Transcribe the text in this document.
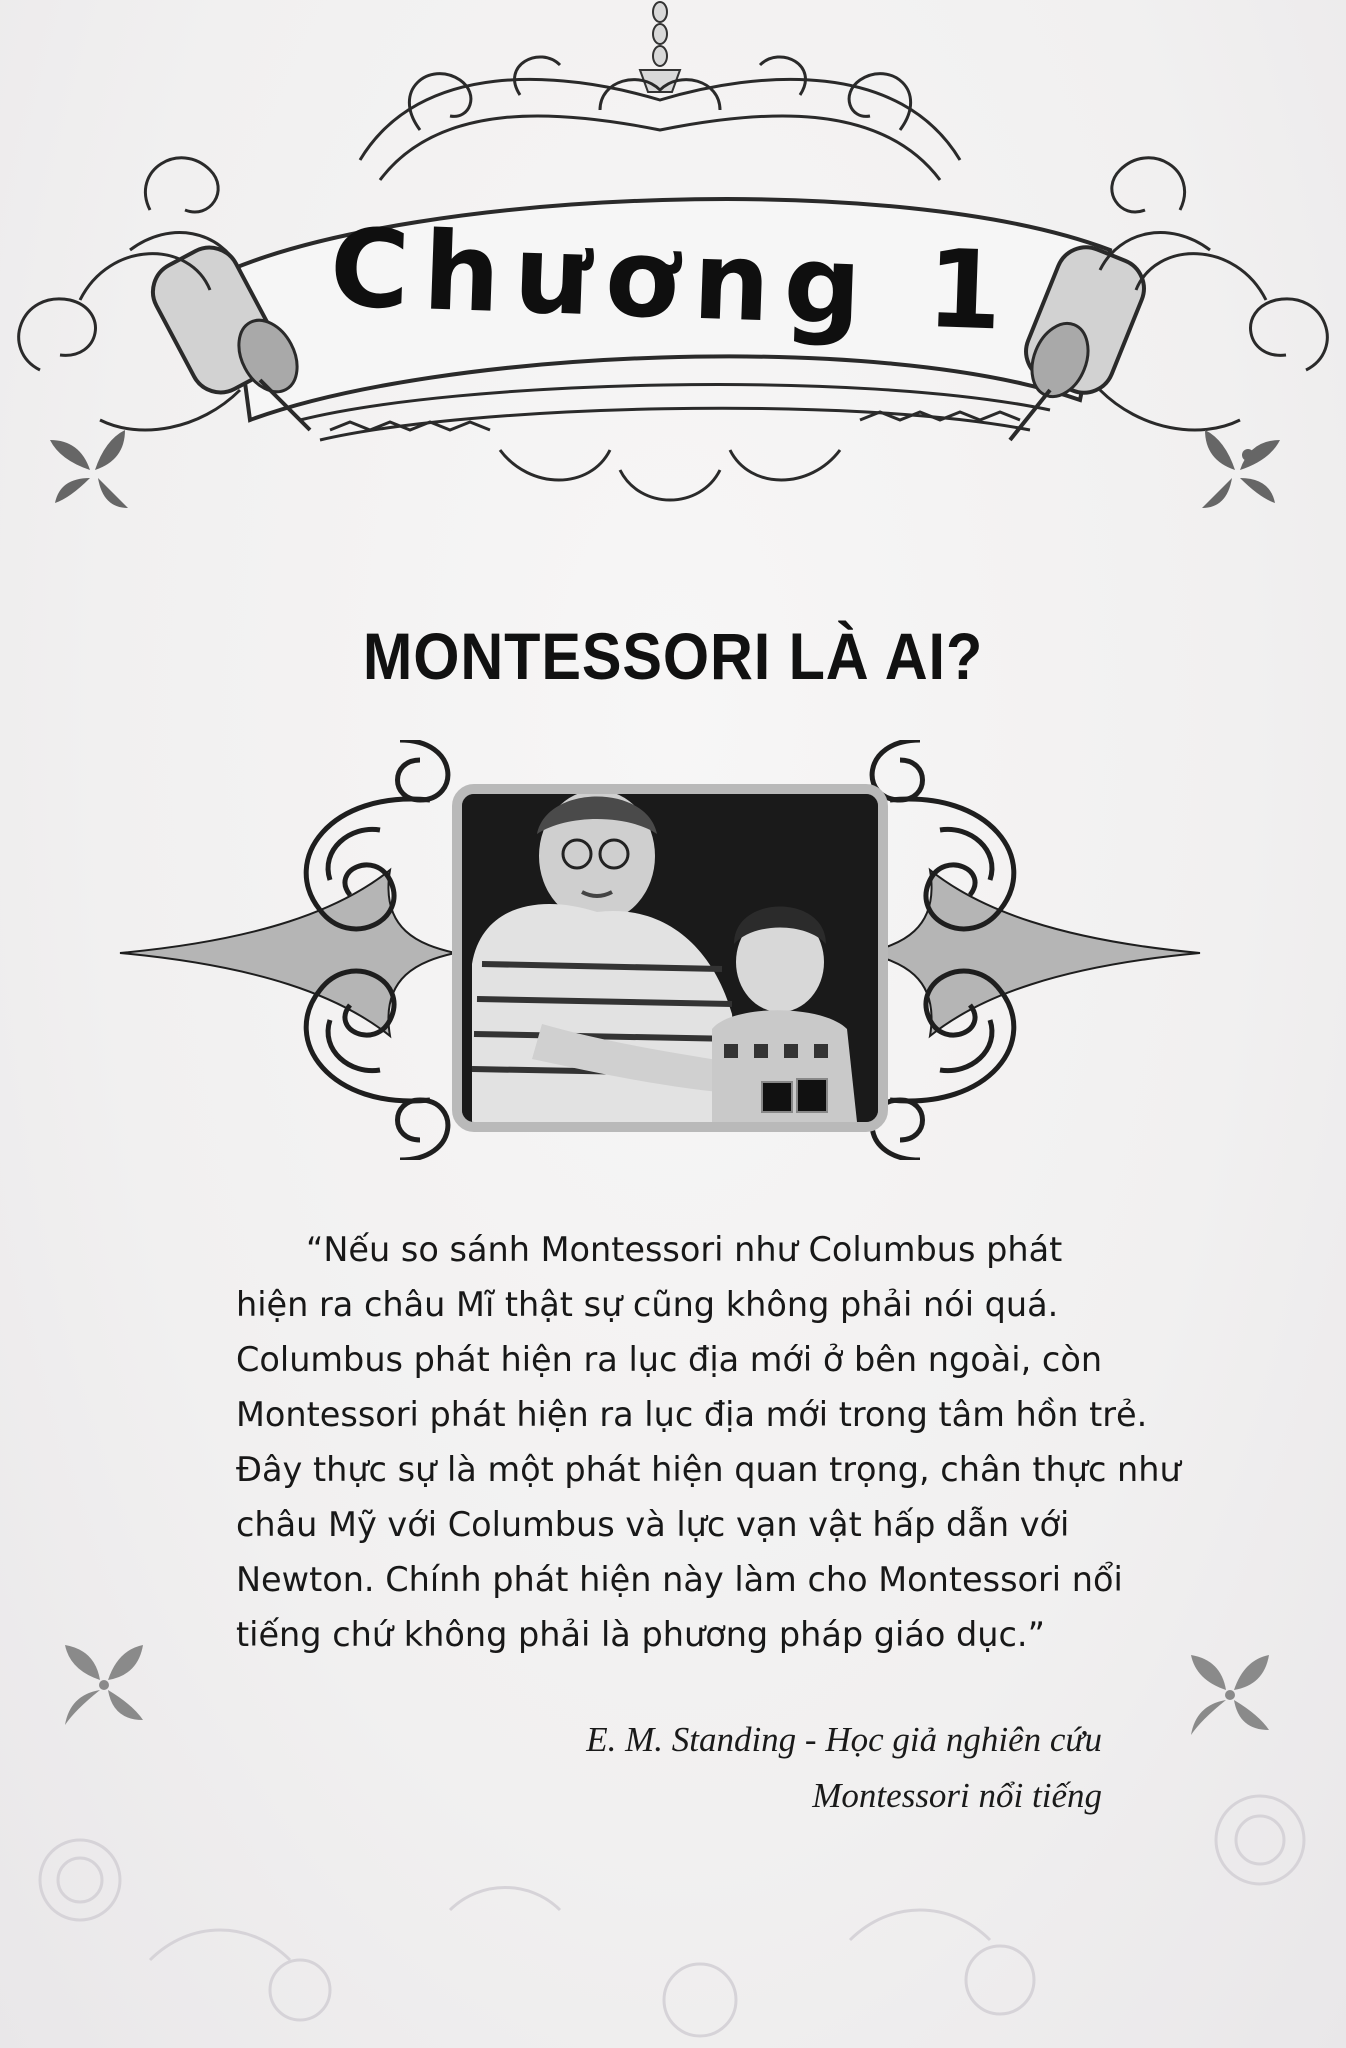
Chương 1
MONTESSORI LÀ AI?
“Nếu so sánh Montessori như Columbus phát
hiện ra châu Mĩ thật sự cũng không phải nói quá.
Columbus phát hiện ra lục địa mới ở bên ngoài, còn
Montessori phát hiện ra lục địa mới trong tâm hồn trẻ.
Đây thực sự là một phát hiện quan trọng, chân thực như
châu Mỹ với Columbus và lực vạn vật hấp dẫn với
Newton. Chính phát hiện này làm cho Montessori nổi
tiếng chứ không phải là phương pháp giáo dục.”
E. M. Standing - Học giả nghiên cứu
Montessori nổi tiếng
